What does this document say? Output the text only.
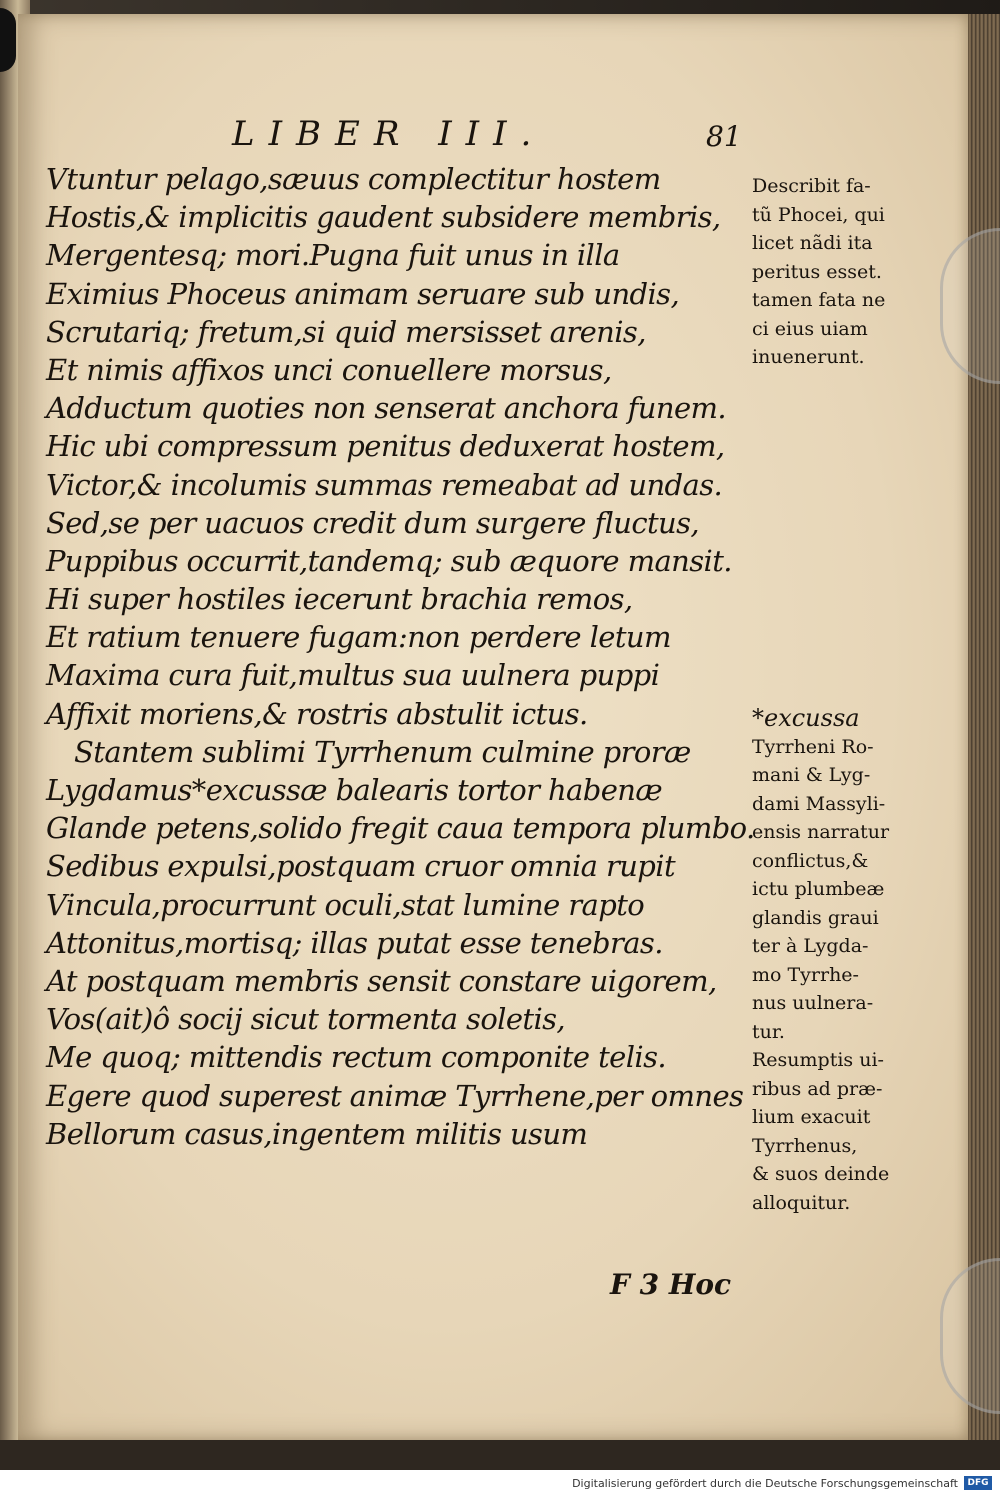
LIBER III.	81
Vtuntur pelago,sæuus complectitur hostem
Hostis,& implicitis gaudent subsidere membris,
Mergentesq; mori.Pugna fuit unus in illa
Eximius Phoceus animam seruare sub undis,
Scrutariq; fretum,si quid mersisset arenis,
Et nimis affixos unci conuellere morsus,
Adductum quoties non senserat anchora funem.
Hic ubi compressum penitus deduxerat hostem,
Victor,& incolumis summas remeabat ad undas.
Sed,se per uacuos credit dum surgere fluctus,
Puppibus occurrit,tandemq; sub æquore mansit.
Hi super hostiles iecerunt brachia remos,
Et ratium tenuere fugam:non perdere letum
Maxima cura fuit,multus sua uulnera puppi
Affixit moriens,& rostris abstulit ictus.
Stantem sublimi Tyrrhenum culmine proræ
Lygdamus*excussæ balearis tortor habenæ
Glande petens,solido fregit caua tempora plumbo.
Sedibus expulsi,postquam cruor omnia rupit
Vincula,procurrunt oculi,stat lumine rapto
Attonitus,mortisq; illas putat esse tenebras.
At postquam membris sensit constare uigorem,
Vos(ait)ô socij sicut tormenta soletis,
Me quoq; mittendis rectum componite telis.
Egere quod superest animæ Tyrrhene,per omnes
Bellorum casus,ingentem militis usum
Describit fa-
tũ Phocei, qui
licet nãdi ita
peritus esset.
tamen fata ne
ci eius uiam
inuenerunt.
*excussa
Tyrrheni Ro-
mani & Lyg-
dami Massyli-
ensis narratur
conflictus,&
ictu plumbeæ
glandis graui
ter à Lygda-
mo Tyrrhe-
nus uulnera-
tur.
Resumptis ui-
ribus ad præ-
lium exacuit
Tyrrhenus,
& suos deinde
alloquitur.
F 3 Hoc
Digitalisierung gefördert durch die Deutsche Forschungsgemeinschaft	DFG
